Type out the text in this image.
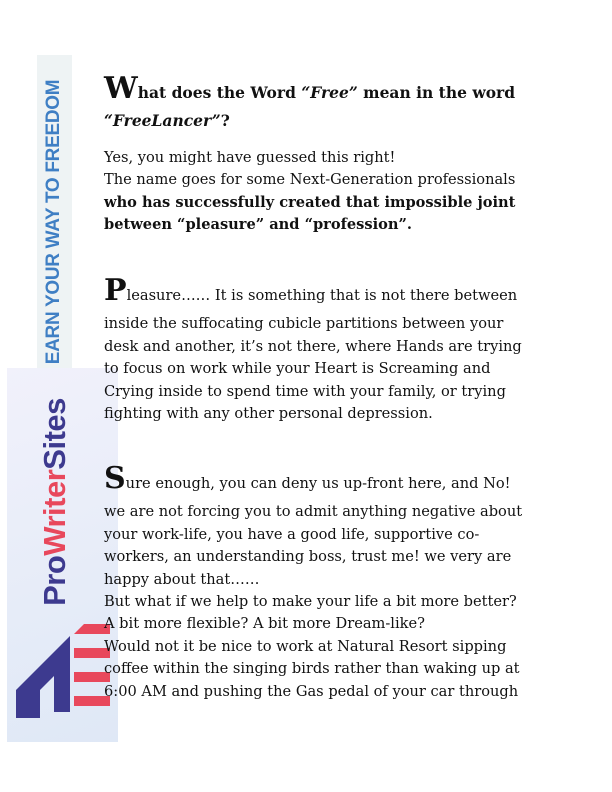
EARN YOUR WAY TO FREEDOM
ProWriterSites
What does the Word “Free” mean in the word
“FreeLancer”?
Yes, you might have guessed this right!
The name goes for some Next-Generation professionals
who has successfully created that impossible joint
between “pleasure” and “profession”.
Pleasure…… It is something that is not there between
inside the suffocating cubicle partitions between your
desk and another, it’s not there, where Hands are trying
to focus on work while your Heart is Screaming and
Crying inside to spend time with your family, or trying
fighting with any other personal depression.
Sure enough, you can deny us up-front here, and No!
we are not forcing you to admit anything negative about
your work-life, you have a good life, supportive co-
workers, an understanding boss, trust me! we very are
happy about that……
But what if we help to make your life a bit more better?
A bit more flexible? A bit more Dream-like?
Would not it be nice to work at Natural Resort sipping
coffee within the singing birds rather than waking up at
6:00 AM and pushing the Gas pedal of your car through
